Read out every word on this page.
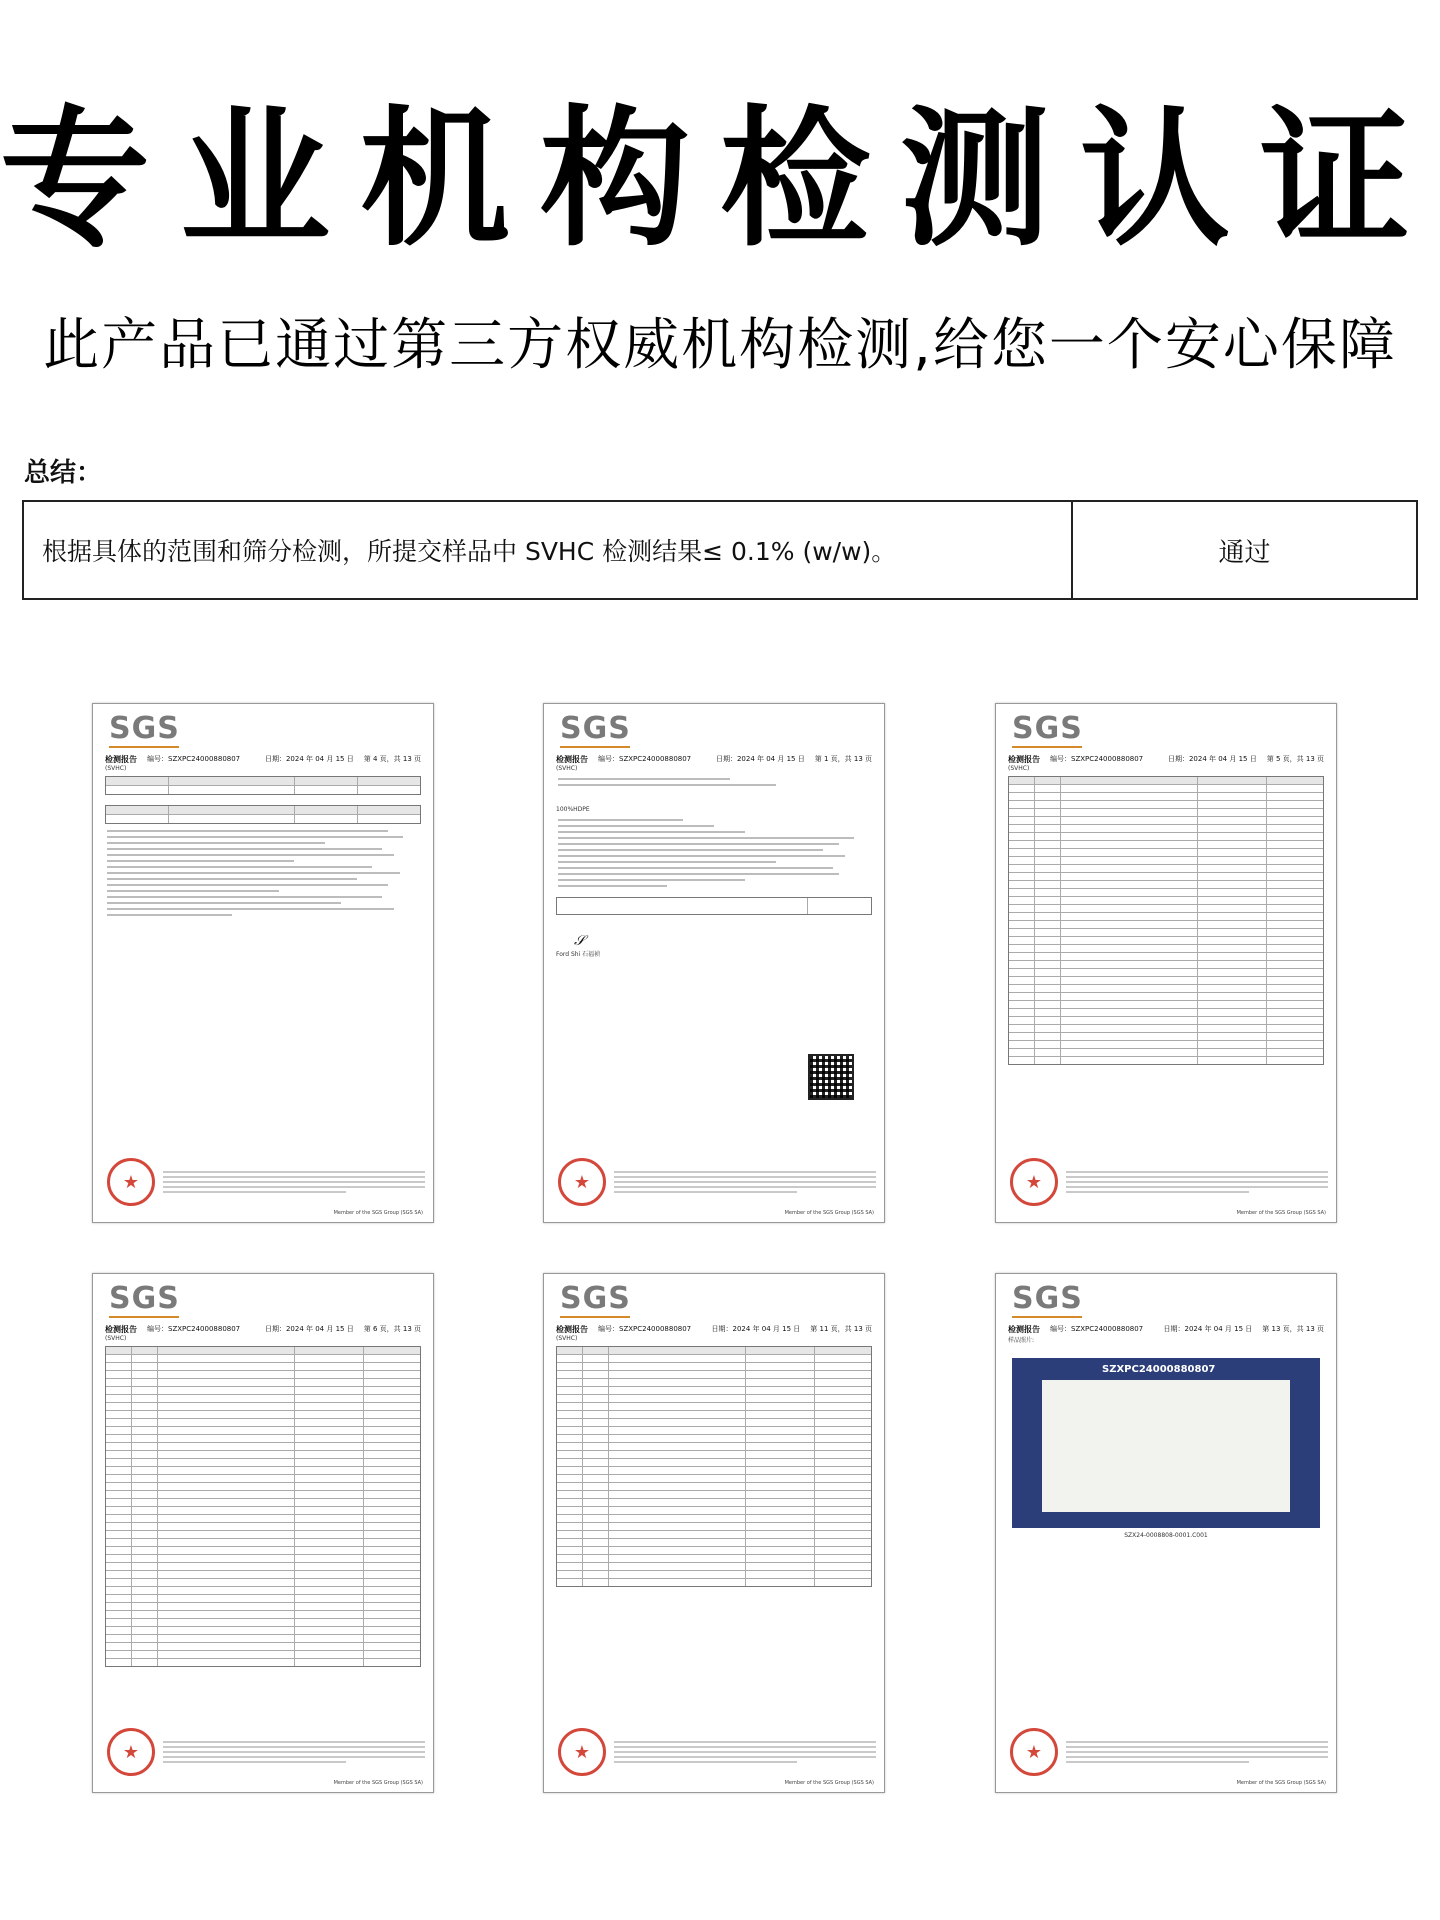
专业机构检测认证
此产品已通过第三方权威机构检测,给您一个安心保障
总结：
根据具体的范围和筛分检测，所提交样品中 SVHC 检测结果≤ 0.1% (w/w)。	通过
SGS
检测报告 编号：SZXPC24000880807	日期：2024 年 04 月 15 日 第 4 页，共 13 页
(SVHC)
★
Member of the SGS Group (SGS SA)
SGS
检测报告 编号：SZXPC24000880807	日期：2024 年 04 月 15 日 第 1 页，共 13 页
(SVHC)
100%HDPE
𝒮
Ford Shi 石福祯
★
Member of the SGS Group (SGS SA)
SGS
检测报告 编号：SZXPC24000880807	日期：2024 年 04 月 15 日 第 5 页，共 13 页
(SVHC)
★
Member of the SGS Group (SGS SA)
SGS
检测报告 编号：SZXPC24000880807	日期：2024 年 04 月 15 日 第 6 页，共 13 页
(SVHC)
★
Member of the SGS Group (SGS SA)
SGS
检测报告 编号：SZXPC24000880807	日期：2024 年 04 月 15 日 第 11 页，共 13 页
(SVHC)
★
Member of the SGS Group (SGS SA)
SGS
检测报告 编号：SZXPC24000880807	日期：2024 年 04 月 15 日 第 13 页，共 13 页
样品照片:
SZXPC24000880807
SZX24-0008808-0001.C001
★
Member of the SGS Group (SGS SA)
